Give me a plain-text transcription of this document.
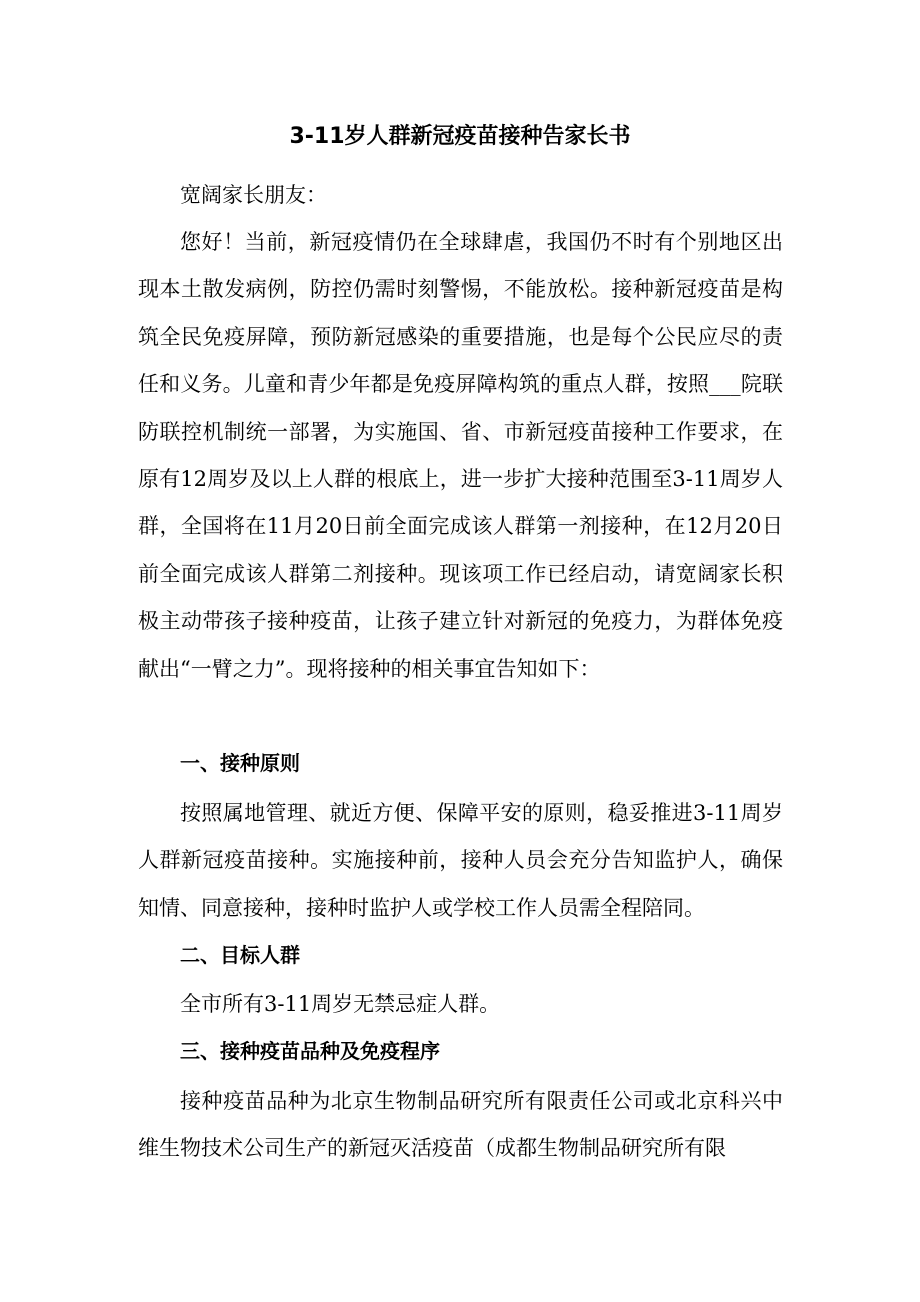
3-11岁人群新冠疫苗接种告家长书

宽阔家长朋友：

您好！当前，新冠疫情仍在全球肆虐，我国仍不时有个别地区出现本土散发病例，防控仍需时刻警惕，不能放松。接种新冠疫苗是构筑全民免疫屏障，预防新冠感染的重要措施，也是每个公民应尽的责任和义务。儿童和青少年都是免疫屏障构筑的重点人群，按照___院联防联控机制统一部署，为实施国、省、市新冠疫苗接种工作要求，在原有12周岁及以上人群的根底上，进一步扩大接种范围至3-11周岁人群，全国将在11月20日前全面完成该人群第一剂接种，在12月20日前全面完成该人群第二剂接种。现该项工作已经启动，请宽阔家长积极主动带孩子接种疫苗，让孩子建立针对新冠的免疫力，为群体免疫献出“一臂之力”。现将接种的相关事宜告知如下：

一、接种原则

按照属地管理、就近方便、保障平安的原则，稳妥推进3-11周岁人群新冠疫苗接种。实施接种前，接种人员会充分告知监护人，确保知情、同意接种，接种时监护人或学校工作人员需全程陪同。

二、目标人群

全市所有3-11周岁无禁忌症人群。

三、接种疫苗品种及免疫程序

接种疫苗品种为北京生物制品研究所有限责任公司或北京科兴中维生物技术公司生产的新冠灭活疫苗（成都生物制品研究所有限
